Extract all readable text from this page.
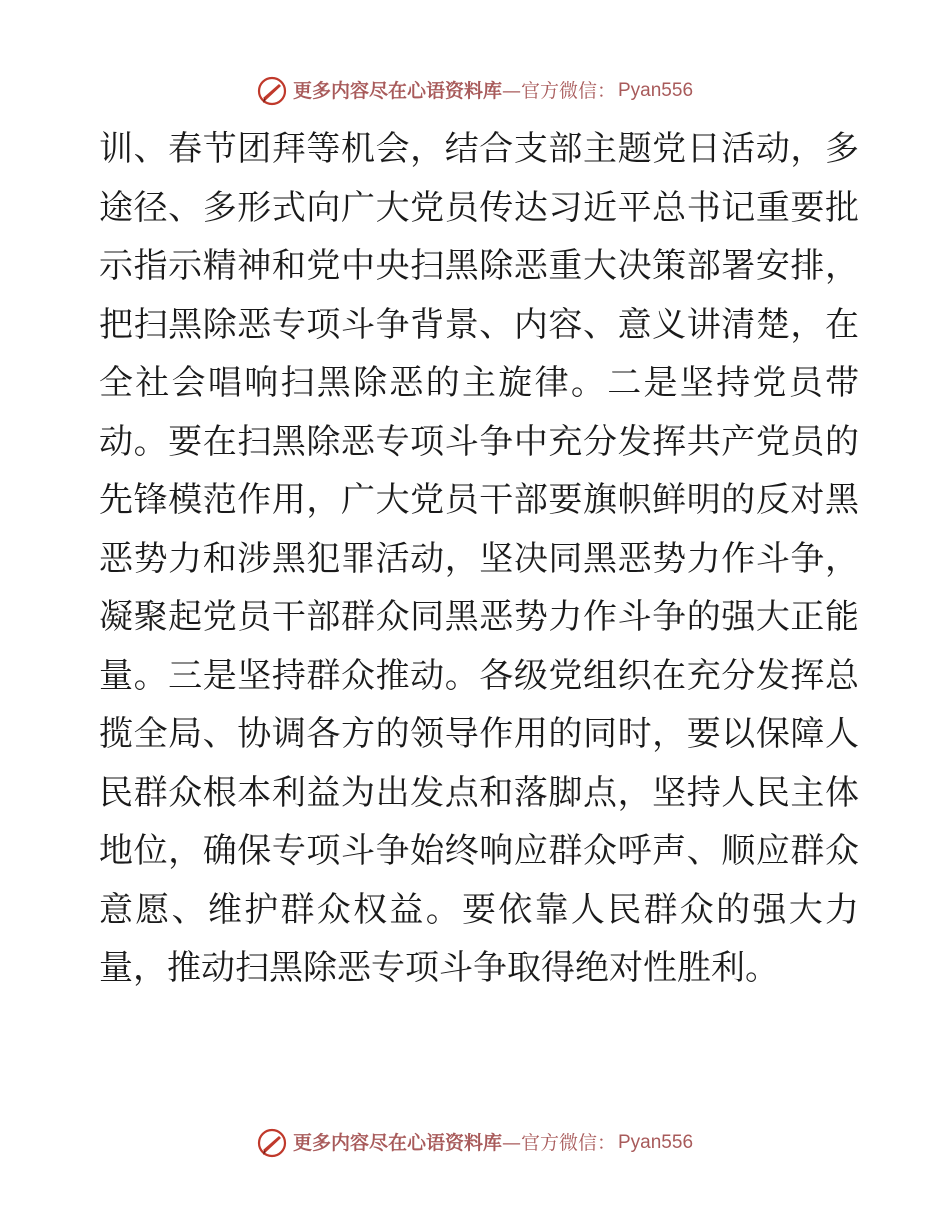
更多内容尽在心语资料库 — 官方微信： Pyan556
训、春节团拜等机会，结合支部主题党日活动，多
途径、多形式向广大党员传达习近平总书记重要批
示指示精神和党中央扫黑除恶重大决策部署安排，
把扫黑除恶专项斗争背景、内容、意义讲清楚，在
全社会唱响扫黑除恶的主旋律。二是坚持党员带
动。要在扫黑除恶专项斗争中充分发挥共产党员的
先锋模范作用，广大党员干部要旗帜鲜明的反对黑
恶势力和涉黑犯罪活动，坚决同黑恶势力作斗争，
凝聚起党员干部群众同黑恶势力作斗争的强大正能
量。三是坚持群众推动。各级党组织在充分发挥总
揽全局、协调各方的领导作用的同时，要以保障人
民群众根本利益为出发点和落脚点，坚持人民主体
地位，确保专项斗争始终响应群众呼声、顺应群众
意愿、维护群众权益。要依靠人民群众的强大力
量，推动扫黑除恶专项斗争取得绝对性胜利。
更多内容尽在心语资料库 — 官方微信： Pyan556
